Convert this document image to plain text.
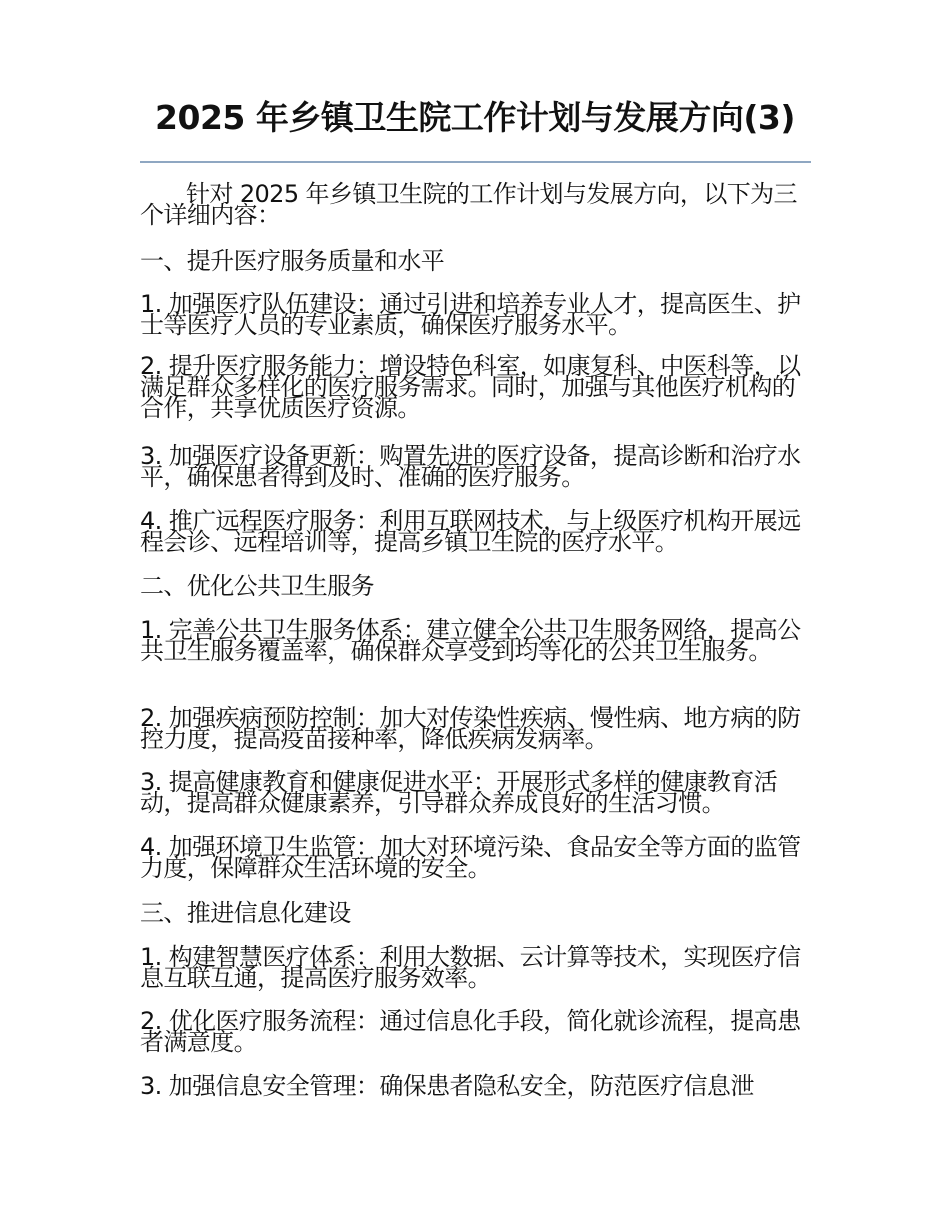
2025 年乡镇卫生院工作计划与发展方向(3)

针对 2025 年乡镇卫生院的工作计划与发展方向，以下为三个详细内容：

一、提升医疗服务质量和水平

1. 加强医疗队伍建设：通过引进和培养专业人才，提高医生、护士等医疗人员的专业素质，确保医疗服务水平。

2. 提升医疗服务能力：增设特色科室，如康复科、中医科等，以满足群众多样化的医疗服务需求。同时，加强与其他医疗机构的合作，共享优质医疗资源。

3. 加强医疗设备更新：购置先进的医疗设备，提高诊断和治疗水平，确保患者得到及时、准确的医疗服务。

4. 推广远程医疗服务：利用互联网技术，与上级医疗机构开展远程会诊、远程培训等，提高乡镇卫生院的医疗水平。

二、优化公共卫生服务

1. 完善公共卫生服务体系：建立健全公共卫生服务网络，提高公共卫生服务覆盖率，确保群众享受到均等化的公共卫生服务。

2. 加强疾病预防控制：加大对传染性疾病、慢性病、地方病的防控力度，提高疫苗接种率，降低疾病发病率。

3. 提高健康教育和健康促进水平：开展形式多样的健康教育活动，提高群众健康素养，引导群众养成良好的生活习惯。

4. 加强环境卫生监管：加大对环境污染、食品安全等方面的监管力度，保障群众生活环境的安全。

三、推进信息化建设

1. 构建智慧医疗体系：利用大数据、云计算等技术，实现医疗信息互联互通，提高医疗服务效率。

2. 优化医疗服务流程：通过信息化手段，简化就诊流程，提高患者满意度。

3. 加强信息安全管理：确保患者隐私安全，防范医疗信息泄
